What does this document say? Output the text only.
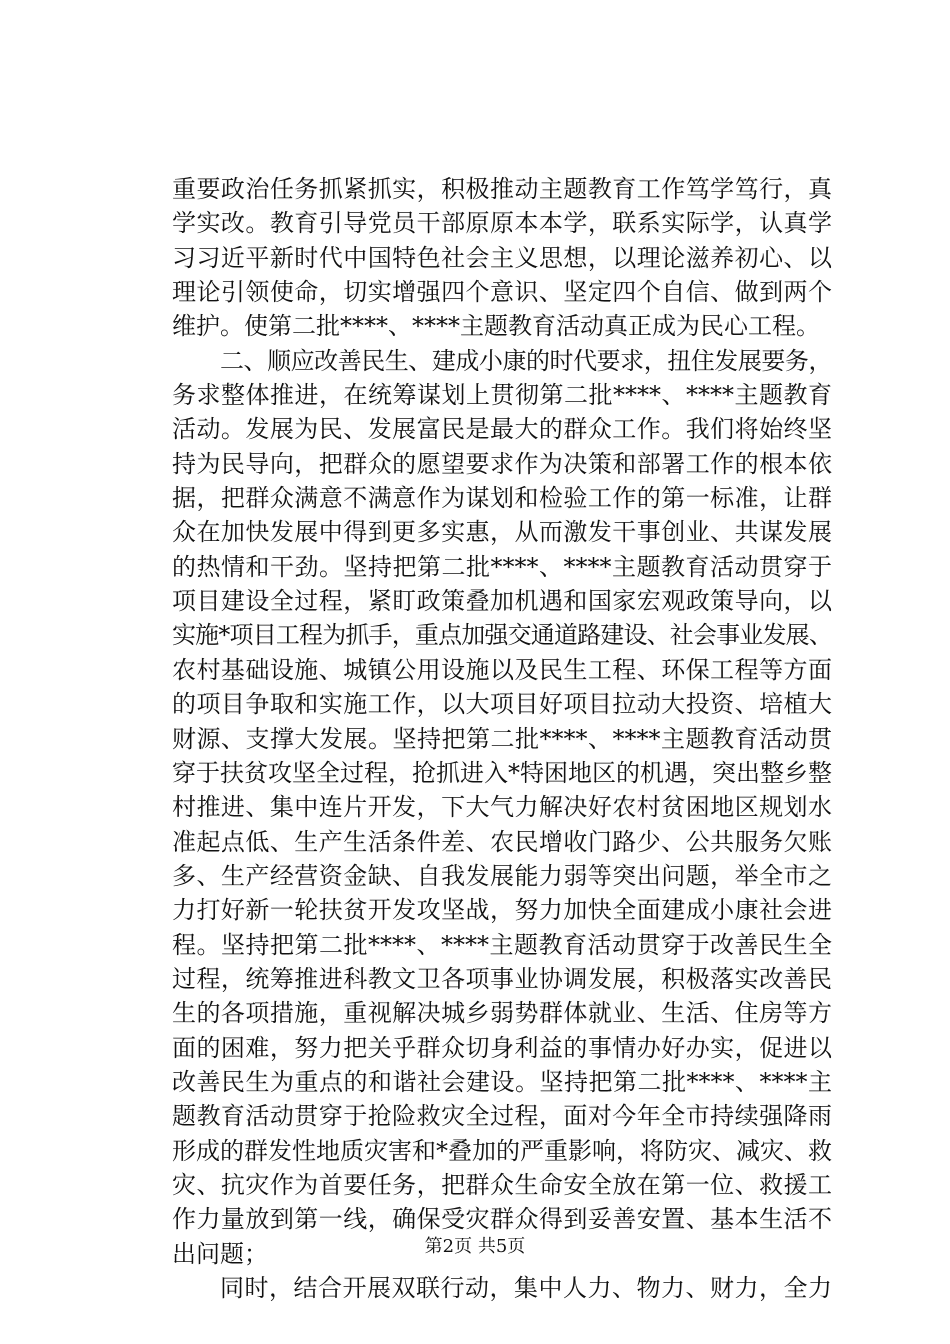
重要政治任务抓紧抓实，积极推动主题教育工作笃学笃行，真
学实改。教育引导党员干部原原本本学，联系实际学，认真学
习习近平新时代中国特色社会主义思想，以理论滋养初心、以
理论引领使命，切实增强四个意识、坚定四个自信、做到两个
维护。使第二批****、****主题教育活动真正成为民心工程。
二、顺应改善民生、建成小康的时代要求，扭住发展要务，
务求整体推进，在统筹谋划上贯彻第二批****、****主题教育
活动。发展为民、发展富民是最大的群众工作。我们将始终坚
持为民导向，把群众的愿望要求作为决策和部署工作的根本依
据，把群众满意不满意作为谋划和检验工作的第一标准，让群
众在加快发展中得到更多实惠，从而激发干事创业、共谋发展
的热情和干劲。坚持把第二批****、****主题教育活动贯穿于
项目建设全过程，紧盯政策叠加机遇和国家宏观政策导向，以
实施*项目工程为抓手，重点加强交通道路建设、社会事业发展、
农村基础设施、城镇公用设施以及民生工程、环保工程等方面
的项目争取和实施工作，以大项目好项目拉动大投资、培植大
财源、支撑大发展。坚持把第二批****、****主题教育活动贯
穿于扶贫攻坚全过程，抢抓进入*特困地区的机遇，突出整乡整
村推进、集中连片开发，下大气力解决好农村贫困地区规划水
准起点低、生产生活条件差、农民增收门路少、公共服务欠账
多、生产经营资金缺、自我发展能力弱等突出问题，举全市之
力打好新一轮扶贫开发攻坚战，努力加快全面建成小康社会进
程。坚持把第二批****、****主题教育活动贯穿于改善民生全
过程，统筹推进科教文卫各项事业协调发展，积极落实改善民
生的各项措施，重视解决城乡弱势群体就业、生活、住房等方
面的困难，努力把关乎群众切身利益的事情办好办实，促进以
改善民生为重点的和谐社会建设。坚持把第二批****、****主
题教育活动贯穿于抢险救灾全过程，面对今年全市持续强降雨
形成的群发性地质灾害和*叠加的严重影响，将防灾、减灾、救
灾、抗灾作为首要任务，把群众生命安全放在第一位、救援工
作力量放到第一线，确保受灾群众得到妥善安置、基本生活不
出问题；
同时，结合开展双联行动，集中人力、物力、财力，全力
第2页 共5页
